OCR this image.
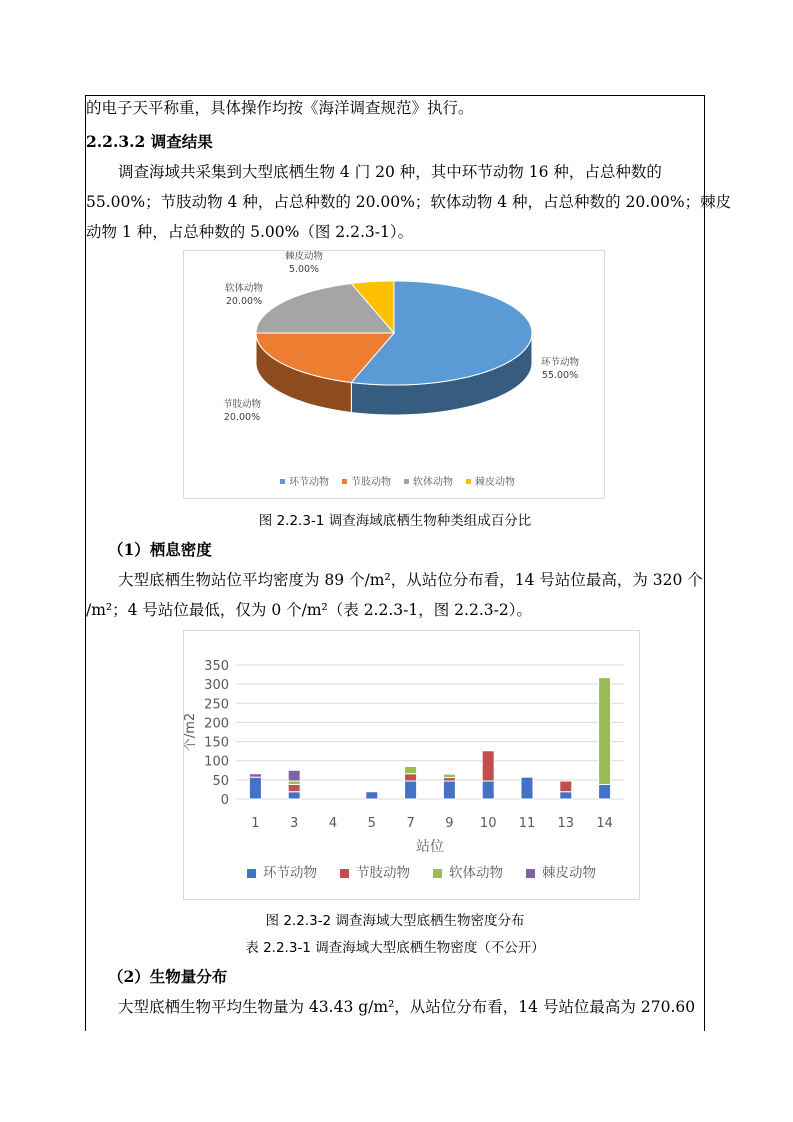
的电子天平称重，具体操作均按《海洋调查规范》执行。
2.2.3.2 调查结果
调查海域共采集到大型底栖生物 4 门 20 种，其中环节动物 16 种，占总种数的
55.00%；节肢动物 4 种，占总种数的 20.00%；软体动物 4 种，占总种数的 20.00%；棘皮
动物 1 种，占总种数的 5.00%（图 2.2.3-1）。
环节动物
55.00%
节肢动物
20.00%
软体动物
20.00%
棘皮动物
5.00%
环节动物 节肢动物 软体动物 棘皮动物
图 2.2.3-1 调查海域底栖生物种类组成百分比
（1）栖息密度
大型底栖生物站位平均密度为 89 个/m²，从站位分布看，14 号站位最高，为 320 个
/m²；4 号站位最低，仅为 0 个/m²（表 2.2.3-1，图 2.2.3-2）。
0
50
100
150
200
250
300
350
个/m2
1 3 4 5 7 9 10 11 13 14
站位
环节动物	节肢动物	软体动物	棘皮动物
图 2.2.3-2 调查海域大型底栖生物密度分布
表 2.2.3-1 调查海域大型底栖生物密度（不公开）
（2）生物量分布
大型底栖生物平均生物量为 43.43 g/m²，从站位分布看，14 号站位最高为 270.60
